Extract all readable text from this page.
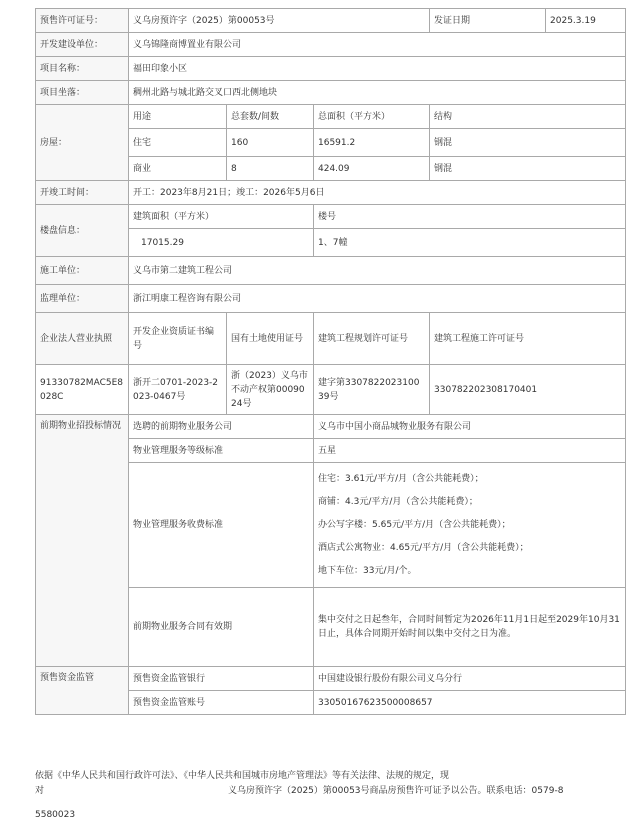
预售许可证号：	义乌房预许字（2025）第00053号			发证日期	2025.3.19
开发建设单位：	义乌锦隆商博置业有限公司				
项目名称：	福田印象小区				
项目坐落：	稠州北路与城北路交叉口西北侧地块				
房屋：	用途	总套数/间数	总面积（平方米）	结构	
	住宅	160	16591.2	钢混	
	商业	8	424.09	钢混	
开竣工时间：	开工：2023年8月21日；竣工：2026年5月6日				
楼盘信息：	建筑面积（平方米）		楼号		
	17015.29		1、7幢		
施工单位：	义乌市第二建筑工程公司				
监理单位：	浙江明康工程咨询有限公司				
企业法人营业执照	开发企业资质证书编号	国有土地使用证号	建筑工程规划许可证号	建筑工程施工许可证号	
91330782MAC5E8028C	浙开二0701-2023-2023-0467号	浙（2023）义乌市不动产权第0009024号	建字第330782202310039号	330782202308170401	
前期物业招投标情况	选聘的前期物业服务公司		义乌市中国小商品城物业服务有限公司		
	物业管理服务等级标准		五星		
	物业管理服务收费标准		住宅：3.61元/平方/月（含公共能耗费）；
商铺：4.3元/平方/月（含公共能耗费）；
办公写字楼：5.65元/平方/月（含公共能耗费）；
酒店式公寓物业：4.65元/平方/月（含公共能耗费）；
地下车位：33元/月/个。		

	前期物业服务合同有效期		集中交付之日起叁年，合同时间暂定为2026年11月1日起至2029年10月31日止，具体合同期开始时间以集中交付之日为准。		
预售资金监管	预售资金监管银行		中国建设银行股份有限公司义乌分行		
	预售资金监管账号		33050167623500008657		
依据《中华人民共和国行政许可法》、《中华人民共和国城市房地产管理法》等有关法律、法规的规定，现
对	义乌房预许字（2025）第00053号商品房预售许可证予以公告。联系电话：0579-8
5580023
